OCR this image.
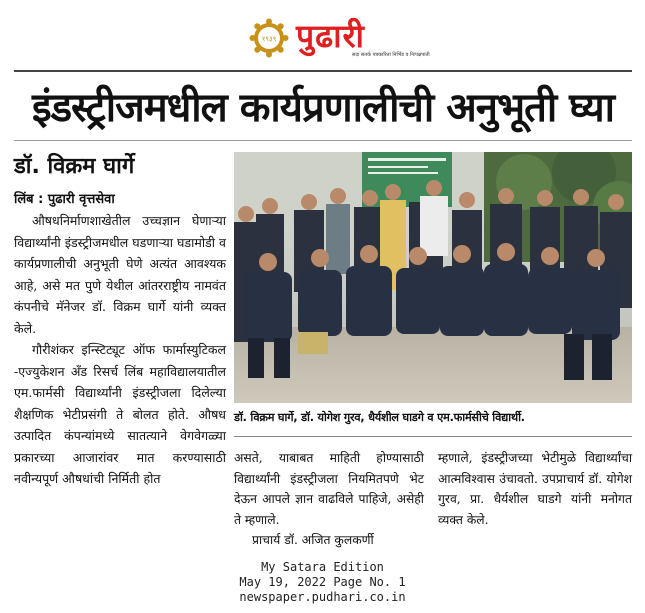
१९३९ पुढारी
सदा सतर्क पत्रकारिता निर्भिड व निःपक्षपाती
इंडस्ट्रीजमधील कार्यप्रणालीची अनुभूती घ्या
डॉ. विक्रम घार्गे
लिंब : पुढारी वृत्तसेवा

औषधनिर्माणशाखेतील उच्चज्ञान घेणाऱ्या विद्यार्थ्यांनी इंडस्ट्रीजमधील घडणाऱ्या घडामोडी व कार्यप्रणालीची अनुभूती घेणे अत्यंत आवश्यक आहे, असे मत पुणे येथील आंतरराष्ट्रीय नामवंत कंपनीचे मॅनेजर डॉ. विक्रम घार्गे यांनी व्यक्त केले.

गौरीशंकर इन्स्टिट्यूट ऑफ फार्मास्युटिकल -एज्युकेशन अँड रिसर्च लिंब महाविद्यालयातील एम.फार्मसी विद्यार्थ्यांनी इंडस्ट्रीजला दिलेल्या शैक्षणिक भेटीप्रसंगी ते बोलत होते. औषध उत्पादित कंपन्यांमध्ये सातत्याने वेगवेगळ्या प्रकारच्या आजारांवर मात करण्यासाठी नवीन्यपूर्ण औषधांची निर्मिती होत

डॉ. विक्रम घार्गे, डॉ. योगेश गुरव, धैर्यशील घाडगे व एम.फार्मसीचे विद्यार्थी.

असते, याबाबत माहिती होण्यासाठी विद्यार्थ्यांनी इंडस्ट्रीजला नियमितपणे भेट देऊन आपले ज्ञान वाढविले पाहिजे, असेही ते म्हणाले.

प्राचार्य डॉ. अजित कुलकर्णी

म्हणाले, इंडस्ट्रीजच्या भेटीमुळे विद्यार्थ्यांचा आत्मविश्वास उंचावतो. उपप्राचार्य डॉ. योगेश गुरव, प्रा. धैर्यशील घाडगे यांनी मनोगत व्यक्त केले.

My Satara Edition
May 19, 2022 Page No. 1
newspaper.pudhari.co.in
